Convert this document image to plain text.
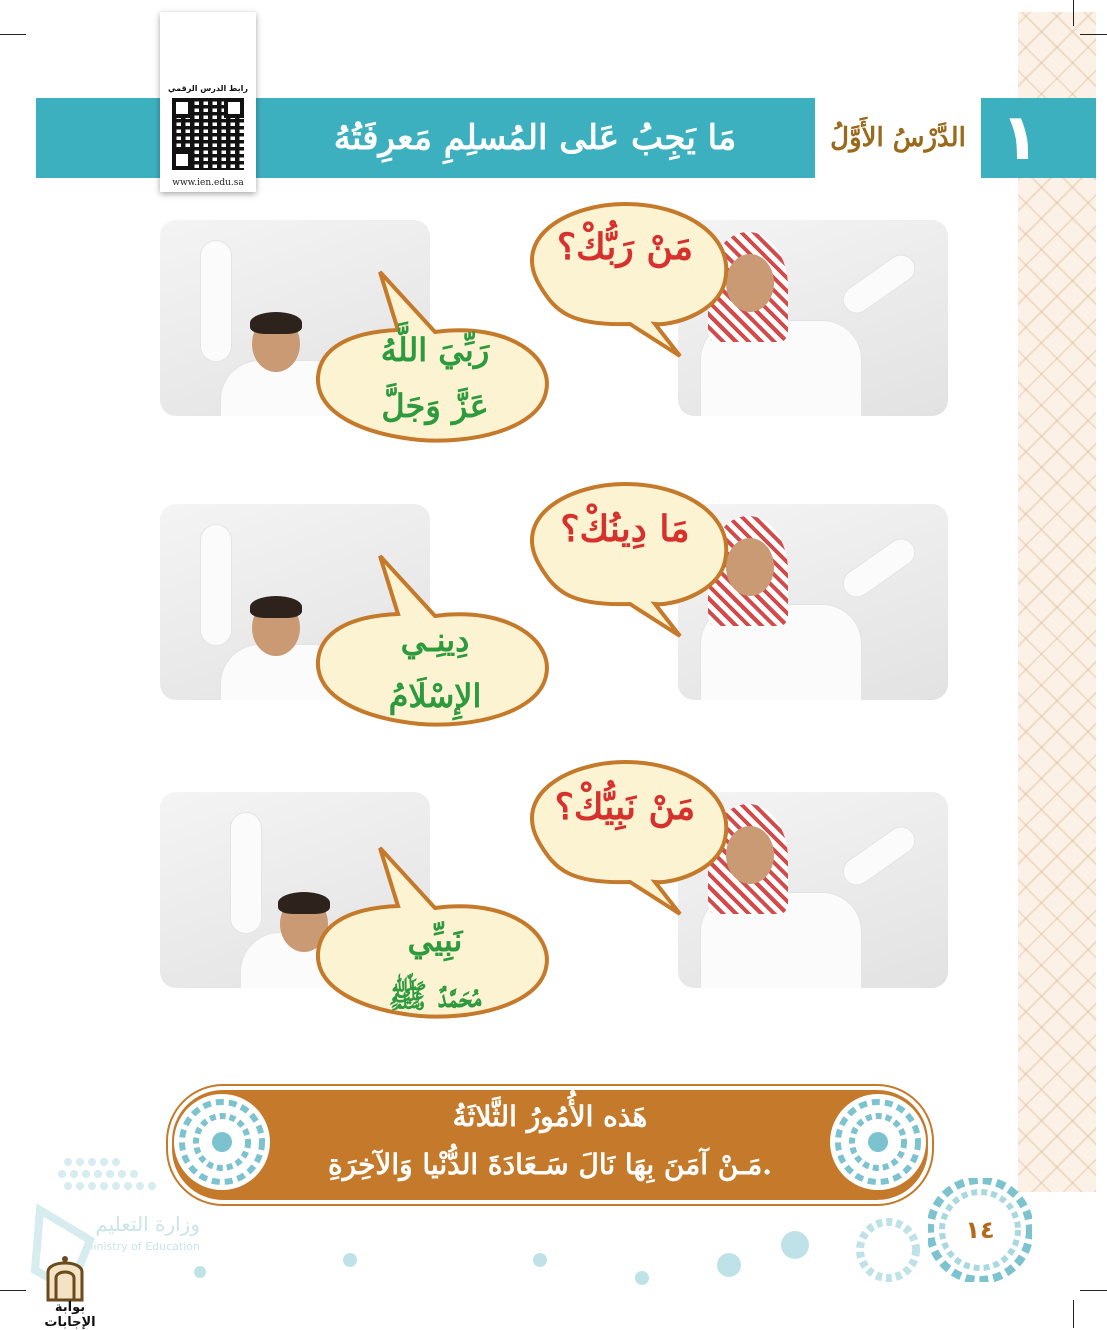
١
الدَّرْسُ الأَوَّلُ
مَا يَجِبُ عَلى المُسلِمِ مَعرِفَتُهُ
رابط الدرس الرقمي
www.ien.edu.sa
مَنْ رَبُّكْ؟
رَبِّيَ اللَّهُ
عَزَّ وَجَلَّ
مَا دِينُكْ؟
دِينِـي
الإِسْلَامُ
مَنْ نَبِيُّكْ؟
نَبِيِّي
مُحَمَّدٌ ﷺ
هَذه الأُمُورُ الثَّلاثَةُ
مَـنْ آمَنَ بِهَا نَالَ سَـعَادَةَ الدُّنْيا وَالآخِرَةِ.
١٤
وزارة التعليم
Ministry of Education
بوابة الإجابات
